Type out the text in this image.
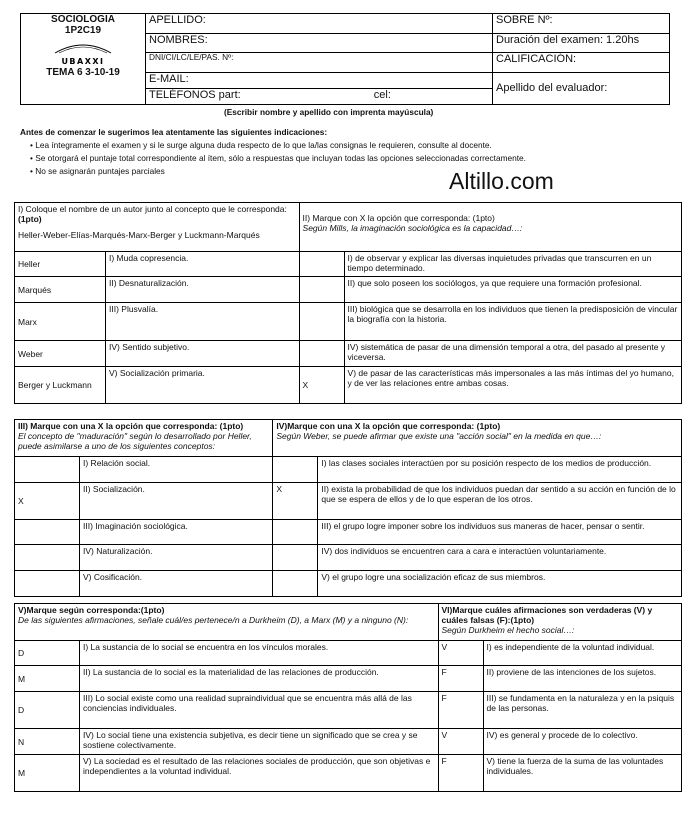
SOCIOLOGIA
1P2C19
UBAXXI
TEMA 6 3-10-19	APELLIDO:	SOBRE Nº:
	NOMBRES:	Duración del examen: 1.20hs
	DNI/CI/LC/LE/PAS. Nº:	CALIFICACIÓN:
	E-MAIL:	Apellido del evaluador:
	TELÉFONOS part: cel:	
(Escribir nombre y apellido con imprenta mayúscula)
Antes de comenzar le sugerimos lea atentamente las siguientes indicaciones:
• Lea íntegramente el examen y si le surge alguna duda respecto de lo que la/las consignas le requieren, consulte al docente.
• Se otorgará el puntaje total correspondiente al ítem, sólo a respuestas que incluyan todas las opciones seleccionadas correctamente.
• No se asignarán puntajes parciales	Altillo.com
I) Coloque el nombre de un autor junto al concepto que le corresponda:(1pto)

Heller-Weber-Elías-Marqués-Marx-Berger y Luckmann-Marqués		II) Marque con X la opción que corresponda: (1pto)
Según Mills, la imaginación sociológica es la capacidad…:	
Heller	I) Muda copresencia.		I) de observar y explicar las diversas inquietudes privadas que transcurren en un tiempo determinado.
Marqués	II) Desnaturalización.		II) que solo poseen los sociólogos, ya que requiere una formación profesional.
Marx	III) Plusvalía.		III) biológica que se desarrolla en los individuos que tienen la predisposición de vincular la biografía con la historia.
Weber	IV) Sentido subjetivo.		IV) sistemática de pasar de una dimensión temporal a otra, del pasado al presente y viceversa.
Berger y Luckmann	V) Socialización primaria.	X	V) de pasar de las características más impersonales a las más íntimas del yo humano, y de ver las relaciones entre ambas cosas.
III) Marque con una X la opción que corresponda: (1pto)
El concepto de "maduración" según lo desarrollado por Heller, puede asimilarse a uno de los siguientes conceptos:		IV)Marque con una X la opción que corresponda: (1pto)
Según Weber, se puede afirmar que existe una "acción social" en la medida en que…:	
	I) Relación social.		I) las clases sociales interactúen por su posición respecto de los medios de producción.
X	II) Socialización.	X	II) exista la probabilidad de que los individuos puedan dar sentido a su acción en función de lo que se espera de ellos y de lo que esperan de los otros.
	III) Imaginación sociológica.		III) el grupo logre imponer sobre los individuos sus maneras de hacer, pensar o sentir.
	IV) Naturalización.		IV) dos individuos se encuentren cara a cara e interactúen voluntariamente.
	V) Cosificación.		V) el grupo logre una socialización eficaz de sus miembros.
V)Marque según corresponda:(1pto)
De las siguientes afirmaciones, señale cuál/es pertenece/n a Durkheim (D), a Marx (M) y a ninguno (N):		VI)Marque cuáles afirmaciones son verdaderas (V) y cuáles falsas (F):(1pto)
Según Durkheim el hecho social…:	
D	I) La sustancia de lo social se encuentra en los vínculos morales.	V	I) es independiente de la voluntad individual.
M	II) La sustancia de lo social es la materialidad de las relaciones de producción.	F	II) proviene de las intenciones de los sujetos.
D	III) Lo social existe como una realidad supraindividual que se encuentra más allá de las conciencias individuales.	F	III) se fundamenta en la naturaleza y en la psiquis de las personas.
N	IV) Lo social tiene una existencia subjetiva, es decir tiene un significado que se crea y se sostiene colectivamente.	V	IV) es general y procede de lo colectivo.
M	V) La sociedad es el resultado de las relaciones sociales de producción, que son objetivas e independientes a la voluntad individual.	F	V) tiene la fuerza de la suma de las voluntades individuales.
